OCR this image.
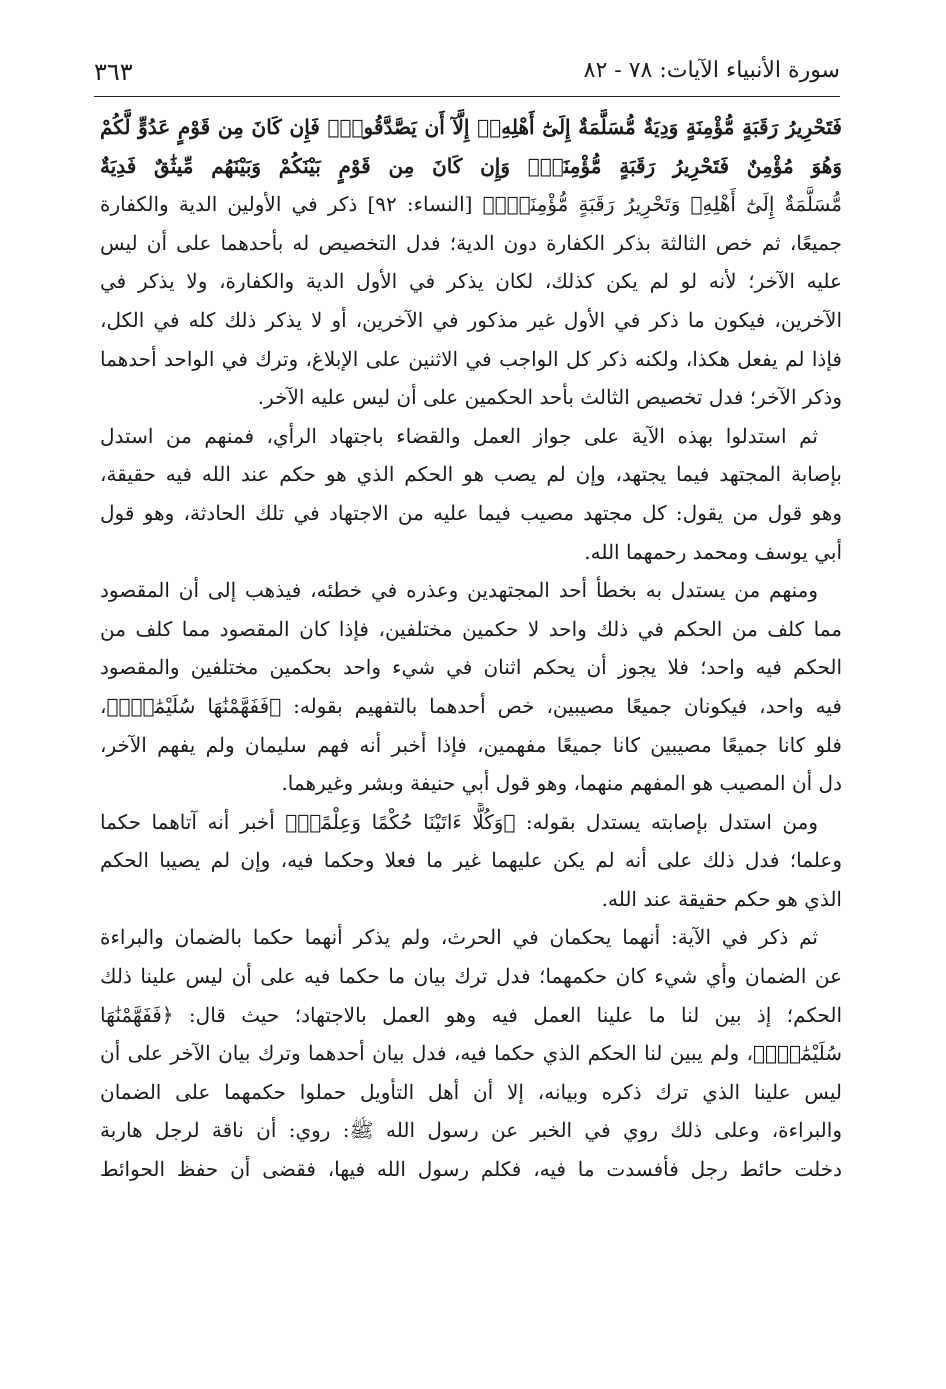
سورة الأنبياء الآيات: ٧٨ - ٨٢
٣٦٣
فَتَحْرِيرُ رَقَبَةٍ مُّؤْمِنَةٍ وَدِيَةٌ مُّسَلَّمَةٌ إِلَىٰٓ أَهْلِهِۦٓ إِلَّآ أَن يَصَّدَّقُواْۚ فَإِن كَانَ مِن قَوْمٍ عَدُوٍّ لَّكُمْ
وَهُوَ مُؤْمِنٌ فَتَحْرِيرُ رَقَبَةٍ مُّؤْمِنَةٍۖ وَإِن كَانَ مِن قَوْمٍ بَيْنَكُمْ وَبَيْنَهُم مِّيثَٰقٌ فَدِيَةٌ
مُّسَلَّمَةٌ إِلَىٰٓ أَهْلِهِۦ وَتَحْرِيرُ رَقَبَةٍ مُّؤْمِنَةٍۖ﴾ [النساء: ٩٢] ذكر في الأولين الدية والكفارة
جميعًا، ثم خص الثالثة بذكر الكفارة دون الدية؛ فدل التخصيص له بأحدهما على أن ليس
عليه الآخر؛ لأنه لو لم يكن كذلك، لكان يذكر في الأول الدية والكفارة، ولا يذكر في
الآخرين، فيكون ما ذكر في الأول غير مذكور في الآخرين، أو لا يذكر ذلك كله في الكل،
فإذا لم يفعل هكذا، ولكنه ذكر كل الواجب في الاثنين على الإبلاغ، وترك في الواحد أحدهما
وذكر الآخر؛ فدل تخصيص الثالث بأحد الحكمين على أن ليس عليه الآخر.
ثم استدلوا بهذه الآية على جواز العمل والقضاء باجتهاد الرأي، فمنهم من استدل
بإصابة المجتهد فيما يجتهد، وإن لم يصب هو الحكم الذي هو حكم عند الله فيه حقيقة،
وهو قول من يقول: كل مجتهد مصيب فيما عليه من الاجتهاد في تلك الحادثة، وهو قول
أبي يوسف ومحمد رحمهما الله.
ومنهم من يستدل به بخطأ أحد المجتهدين وعذره في خطئه، فيذهب إلى أن المقصود
مما كلف من الحكم في ذلك واحد لا حكمين مختلفين، فإذا كان المقصود مما كلف من
الحكم فيه واحد؛ فلا يجوز أن يحكم اثنان في شيء واحد بحكمين مختلفين والمقصود
فيه واحد، فيكونان جميعًا مصيبين، خص أحدهما بالتفهيم بقوله: ﴿فَفَهَّمْنَٰهَا سُلَيْمَٰنَۚ﴾،
فلو كانا جميعًا مصيبين كانا جميعًا مفهمين، فإذا أخبر أنه فهم سليمان ولم يفهم الآخر،
دل أن المصيب هو المفهم منهما، وهو قول أبي حنيفة وبشر وغيرهما.
ومن استدل بإصابته يستدل بقوله: ﴿وَكُلًّا ءَاتَيْنَا حُكْمًا وَعِلْمًاۚ﴾ أخبر أنه آتاهما حكما
وعلما؛ فدل ذلك على أنه لم يكن عليهما غير ما فعلا وحكما فيه، وإن لم يصيبا الحكم
الذي هو حكم حقيقة عند الله.
ثم ذكر في الآية: أنهما يحكمان في الحرث، ولم يذكر أنهما حكما بالضمان والبراءة
عن الضمان وأي شيء كان حكمهما؛ فدل ترك بيان ما حكما فيه على أن ليس علينا ذلك
الحكم؛ إذ بين لنا ما علينا العمل فيه وهو العمل بالاجتهاد؛ حيث قال: ﴿فَفَهَّمْنَٰهَا
سُلَيْمَٰنَۚ﴾، ولم يبين لنا الحكم الذي حكما فيه، فدل بيان أحدهما وترك بيان الآخر على أن
ليس علينا الذي ترك ذكره وبيانه، إلا أن أهل التأويل حملوا حكمهما على الضمان
والبراءة، وعلى ذلك روي في الخبر عن رسول الله ﷺ: روي: أن ناقة لرجل هاربة
دخلت حائط رجل فأفسدت ما فيه، فكلم رسول الله فيها، فقضى أن حفظ الحوائط
